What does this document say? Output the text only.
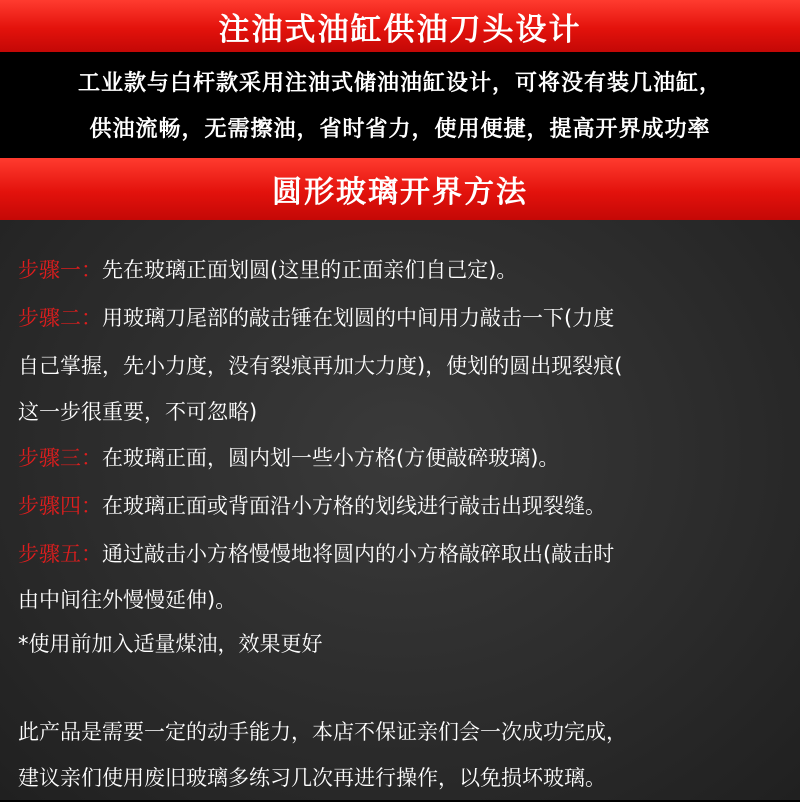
注油式油缸供油刀头设计
工业款与白杆款采用注油式储油油缸设计，可将没有装几油缸，
供油流畅，无需擦油，省时省力，使用便捷，提高开界成功率
圆形玻璃开界方法
步骤一：先在玻璃正面划圆(这里的正面亲们自己定)。
步骤二：用玻璃刀尾部的敲击锤在划圆的中间用力敲击一下(力度
自己掌握，先小力度，没有裂痕再加大力度)，使划的圆出现裂痕(
这一步很重要，不可忽略)
步骤三：在玻璃正面，圆内划一些小方格(方便敲碎玻璃)。
步骤四：在玻璃正面或背面沿小方格的划线进行敲击出现裂缝。
步骤五：通过敲击小方格慢慢地将圆内的小方格敲碎取出(敲击时
由中间往外慢慢延伸)。
*使用前加入适量煤油，效果更好
此产品是需要一定的动手能力，本店不保证亲们会一次成功完成，
建议亲们使用废旧玻璃多练习几次再进行操作，以免损坏玻璃。
